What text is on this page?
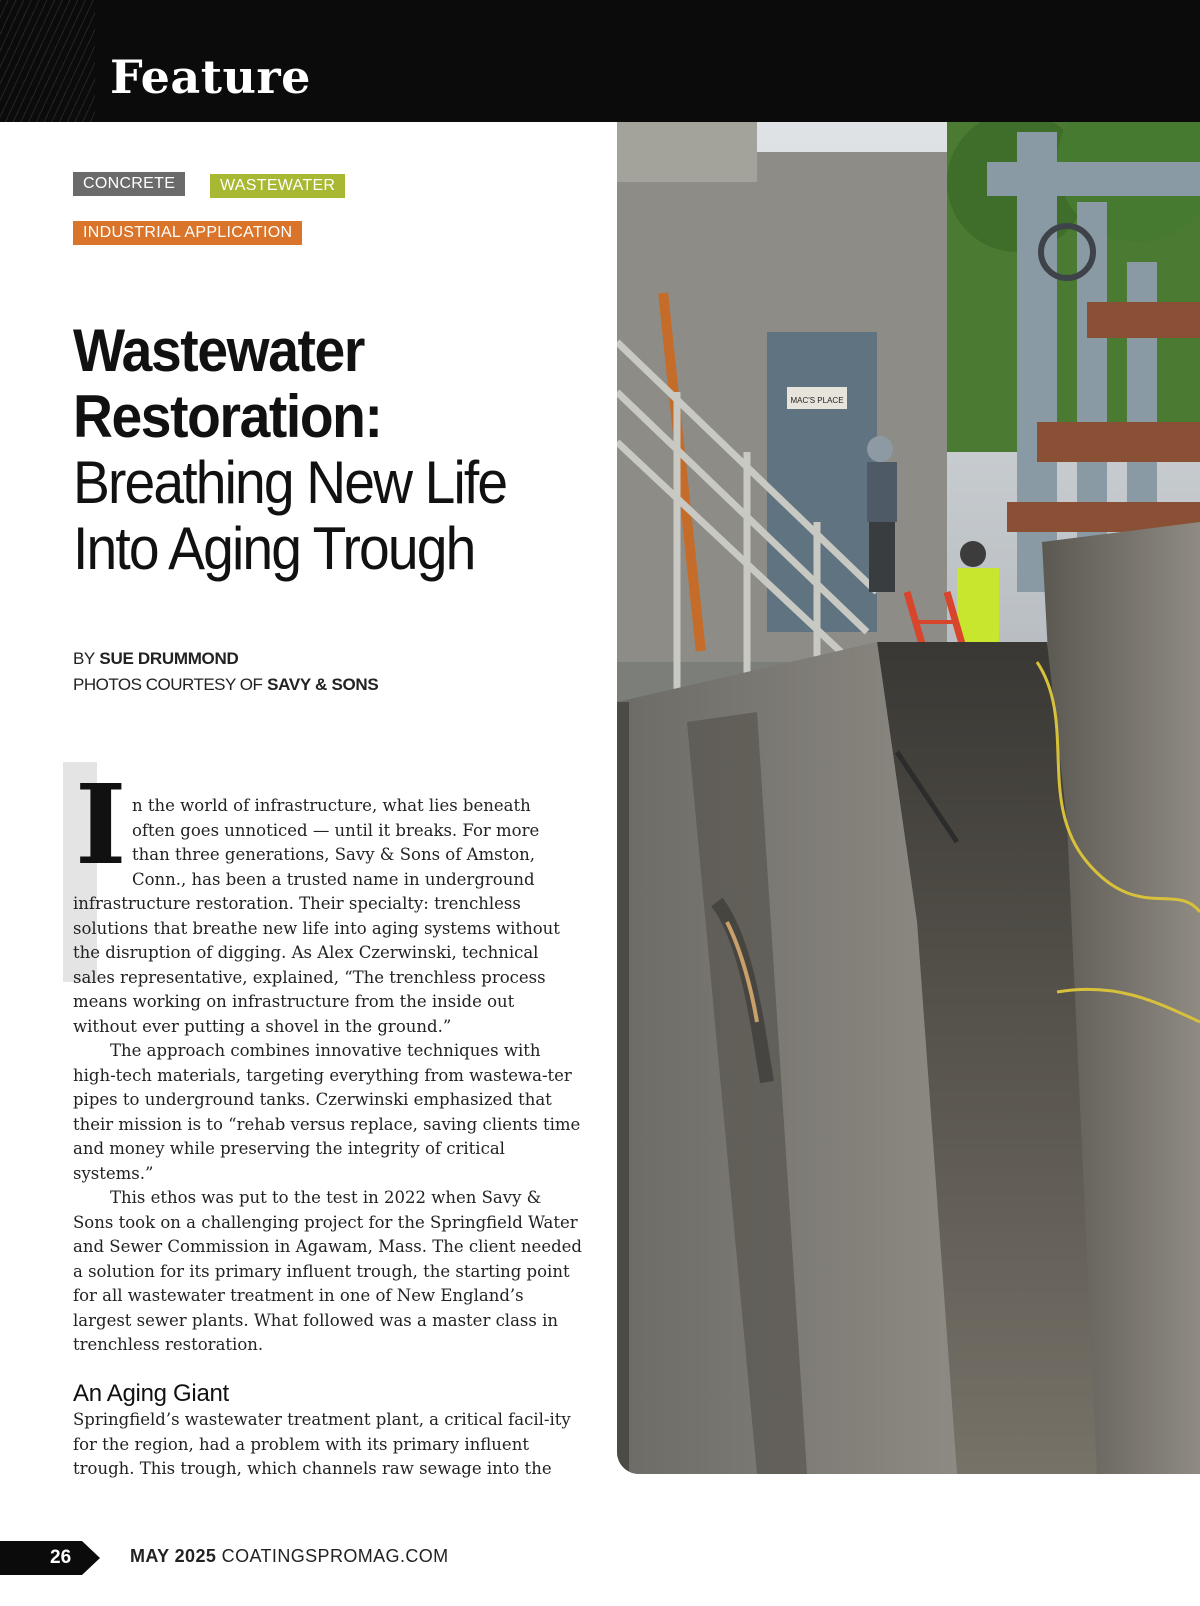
Feature
CONCRETE	WASTEWATER
INDUSTRIAL APPLICATION
Wastewater
Restoration:
Breathing New Life
Into Aging Trough
BY SUE DRUMMOND
PHOTOS COURTESY OF SAVY & SONS
I n the world of infrastructure, what lies beneath
often goes unnoticed — until it breaks. For more
than three generations, Savy & Sons of Amston,
Conn., has been a trusted name in underground
infrastructure restoration. Their specialty: trenchless
solutions that breathe new life into aging systems without
the disruption of digging. As Alex Czerwinski, technical
sales representative, explained, “The trenchless process
means working on infrastructure from the inside out
without ever putting a shovel in the ground.”

The approach combines innovative techniques with high-tech materials, targeting everything from wastewa-ter pipes to underground tanks. Czerwinski emphasized that their mission is to “rehab versus replace, saving clients time and money while preserving the integrity of critical systems.”

This ethos was put to the test in 2022 when Savy & Sons took on a challenging project for the Springfield Water and Sewer Commission in Agawam, Mass. The client needed a solution for its primary influent trough, the starting point for all wastewater treatment in one of New England’s largest sewer plants. What followed was a master class in trenchless restoration.

An Aging Giant

Springfield’s wastewater treatment plant, a critical facil-ity for the region, had a problem with its primary influent trough. This trough, which channels raw sewage into the

MAC'S PLACE
26	MAY 2025 COATINGSPROMAG.COM
